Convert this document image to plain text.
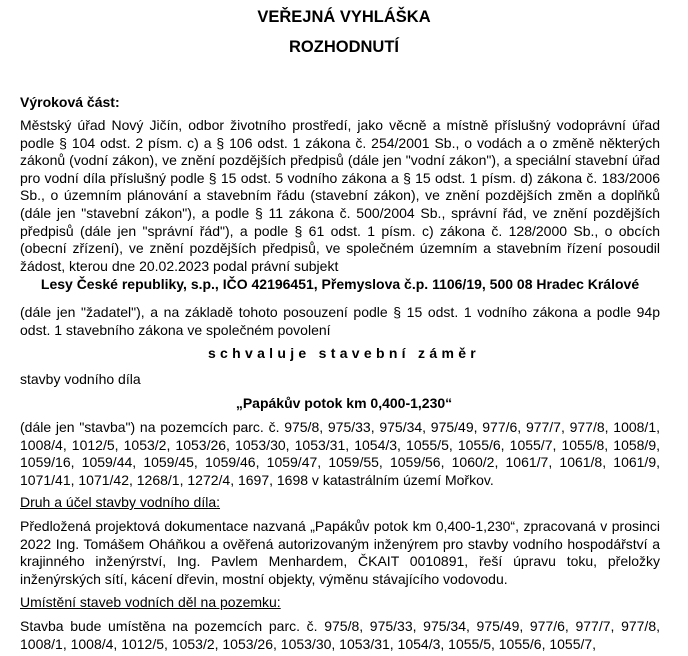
VEŘEJNÁ VYHLÁŠKA
ROZHODNUTÍ

Výroková část:

Městský úřad Nový Jičín, odbor životního prostředí, jako věcně a místně příslušný vodoprávní úřad podle § 104 odst. 2 písm. c) a § 106 odst. 1 zákona č. 254/2001 Sb., o vodách a o změně některých zákonů (vodní zákon), ve znění pozdějších předpisů (dále jen "vodní zákon"), a speciální stavební úřad pro vodní díla příslušný podle § 15 odst. 5 vodního zákona a § 15 odst. 1 písm. d) zákona č. 183/2006 Sb., o územním plánování a stavebním řádu (stavební zákon), ve znění pozdějších změn a doplňků (dále jen "stavební zákon"), a podle § 11 zákona č. 500/2004 Sb., správní řád, ve znění pozdějších předpisů (dále jen "správní řád"), a podle § 61 odst. 1 písm. c) zákona č. 128/2000 Sb., o obcích (obecní zřízení), ve znění pozdějších předpisů, ve společném územním a stavebním řízení posoudil žádost, kterou dne 20.02.2023 podal právní subjekt

Lesy České republiky, s.p., IČO 42196451, Přemyslova č.p. 1106/19, 500 08 Hradec Králové

(dále jen "žadatel"), a na základě tohoto posouzení podle § 15 odst. 1 vodního zákona a podle 94p odst. 1 stavebního zákona ve společném povolení

schvaluje stavební záměr

stavby vodního díla

„Papákův potok km 0,400-1,230“

(dále jen "stavba") na pozemcích parc. č. 975/8, 975/33, 975/34, 975/49, 977/6, 977/7, 977/8, 1008/1, 1008/4, 1012/5, 1053/2, 1053/26, 1053/30, 1053/31, 1054/3, 1055/5, 1055/6, 1055/7, 1055/8, 1058/9, 1059/16, 1059/44, 1059/45, 1059/46, 1059/47, 1059/55, 1059/56, 1060/2, 1061/7, 1061/8, 1061/9, 1071/41, 1071/42, 1268/1, 1272/4, 1697, 1698 v katastrálním území Mořkov.

Druh a účel stavby vodního díla:

Předložená projektová dokumentace nazvaná „Papákův potok km 0,400-1,230“, zpracovaná v prosinci 2022 Ing. Tomášem Oháňkou a ověřená autorizovaným inženýrem pro stavby vodního hospodářství a krajinného inženýrství, Ing. Pavlem Menhardem, ČKAIT 0010891, řeší úpravu toku, přeložky inženýrských sítí, kácení dřevin, mostní objekty, výměnu stávajícího vodovodu.

Umístění staveb vodních děl na pozemku:

Stavba bude umístěna na pozemcích parc. č. 975/8, 975/33, 975/34, 975/49, 977/6, 977/7, 977/8, 1008/1, 1008/4, 1012/5, 1053/2, 1053/26, 1053/30, 1053/31, 1054/3, 1055/5, 1055/6, 1055/7,
